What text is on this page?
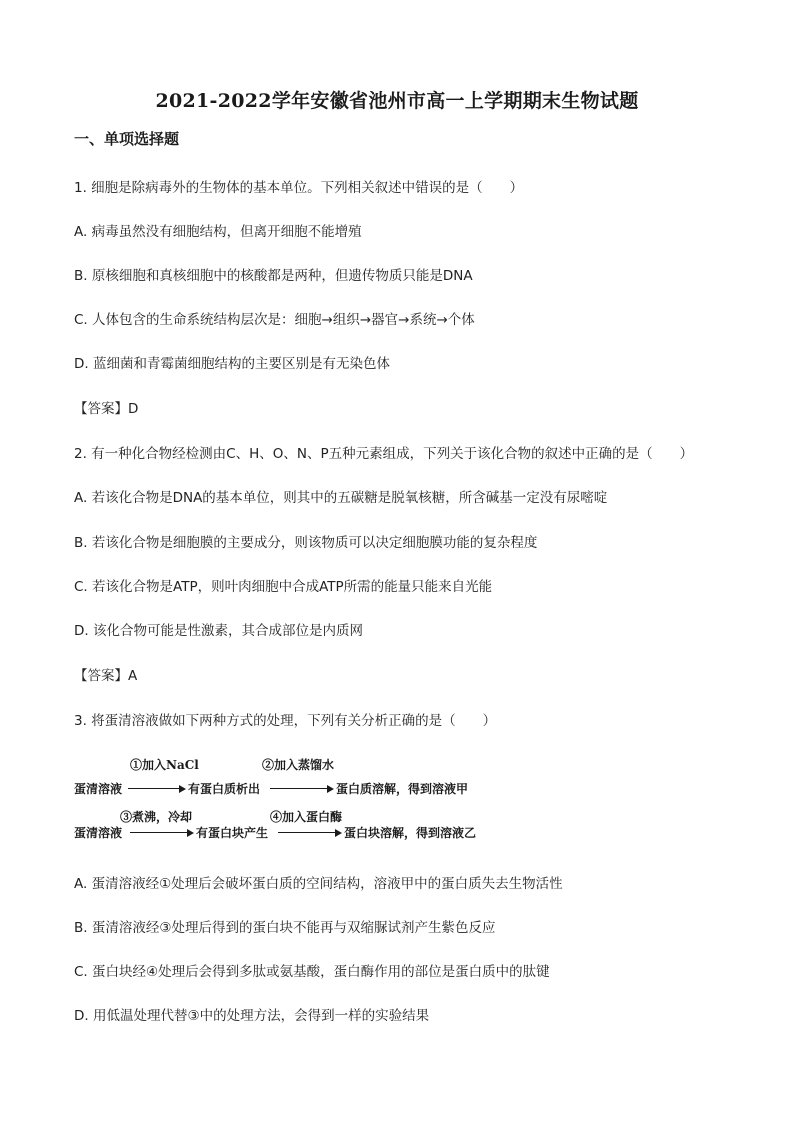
2021-2022学年安徽省池州市高一上学期期末生物试题
一、单项选择题
1. 细胞是除病毒外的生物体的基本单位。下列相关叙述中错误的是（　　）
A. 病毒虽然没有细胞结构，但离开细胞不能增殖
B. 原核细胞和真核细胞中的核酸都是两种，但遗传物质只能是DNA
C. 人体包含的生命系统结构层次是：细胞→组织→器官→系统→个体
D. 蓝细菌和青霉菌细胞结构的主要区别是有无染色体
【答案】D
2. 有一种化合物经检测由C、H、O、N、P五种元素组成，下列关于该化合物的叙述中正确的是（　　）
A. 若该化合物是DNA的基本单位，则其中的五碳糖是脱氧核糖，所含碱基一定没有尿嘧啶
B. 若该化合物是细胞膜的主要成分，则该物质可以决定细胞膜功能的复杂程度
C. 若该化合物是ATP，则叶肉细胞中合成ATP所需的能量只能来自光能
D. 该化合物可能是性激素，其合成部位是内质网
【答案】A
3. 将蛋清溶液做如下两种方式的处理，下列有关分析正确的是（　　）
①加入NaCl	②加入蒸馏水
蛋清溶液	有蛋白质析出	蛋白质溶解，得到溶液甲
③煮沸，冷却	④加入蛋白酶
蛋清溶液	有蛋白块产生	蛋白块溶解，得到溶液乙
A. 蛋清溶液经①处理后会破坏蛋白质的空间结构，溶液甲中的蛋白质失去生物活性
B. 蛋清溶液经③处理后得到的蛋白块不能再与双缩脲试剂产生紫色反应
C. 蛋白块经④处理后会得到多肽或氨基酸，蛋白酶作用的部位是蛋白质中的肽键
D. 用低温处理代替③中的处理方法，会得到一样的实验结果
